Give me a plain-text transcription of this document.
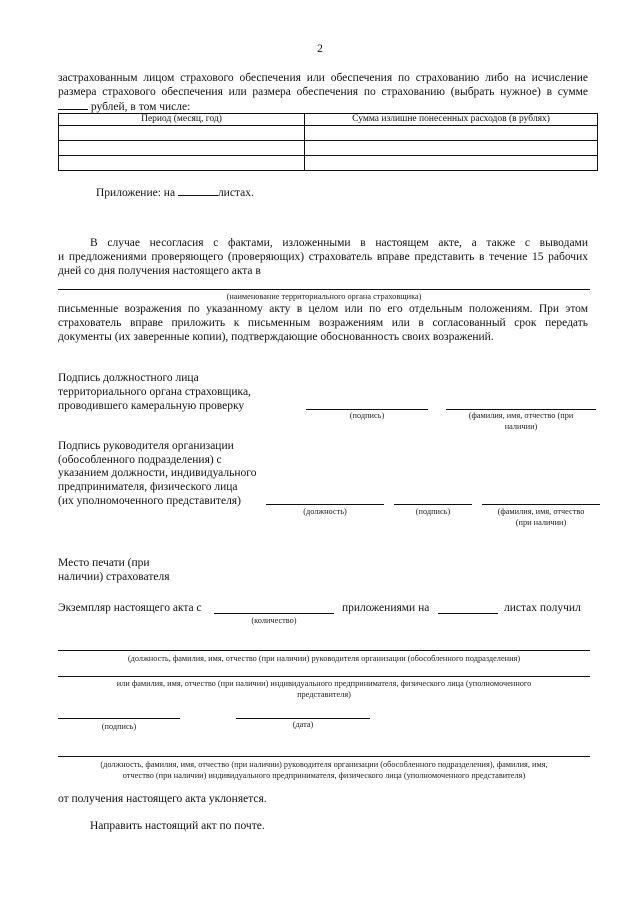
2
застрахованным лицом страхового обеспечения или обеспечения по страхованию либо на исчисление
размера страхового обеспечения или размера обеспечения по страхованию (выбрать нужное) в сумме
рублей, в том числе:
Период (месяц, год)	Сумма излишне понесенных расходов (в рублях)

Приложение: на	листах.
В случае несогласия с фактами, изложенными в настоящем акте, а также с выводами
и предложениями проверяющего (проверяющих) страхователь вправе представить в течение 15 рабочих
дней со дня получения настоящего акта в
(наименование территориального органа страховщика)
письменные возражения по указанному акту в целом или по его отдельным положениям. При этом
страхователь вправе приложить к письменным возражениям или в согласованный срок передать
документы (их заверенные копии), подтверждающие обоснованность своих возражений.
Подпись должностного лица
территориального органа страховщика,
проводившего камеральную проверку
(подпись)	(фамилия, имя, отчество (при
наличии)
Подпись руководителя организации
(обособленного подразделения) с
указанием должности, индивидуального
предпринимателя, физического лица
(их уполномоченного представителя)
(должность)	(подпись)	(фамилия, имя, отчество
(при наличии)
Место печати (при
наличии) страхователя
Экземпляр настоящего акта с	приложениями на	листах получил
(количество)
(должность, фамилия, имя, отчество (при наличии) руководителя организации (обособленного подразделения)
или фамилия, имя, отчество (при наличии) индивидуального предпринимателя, физического лица (уполномоченного
представителя)
(подпись)	(дата)
(должность, фамилия, имя, отчество (при наличии) руководителя организации (обособленного подразделения), фамилия, имя,
отчество (при наличии) индивидуального предпринимателя, физического лица (уполномоченного представителя)
от получения настоящего акта уклоняется.
Направить настоящий акт по почте.
